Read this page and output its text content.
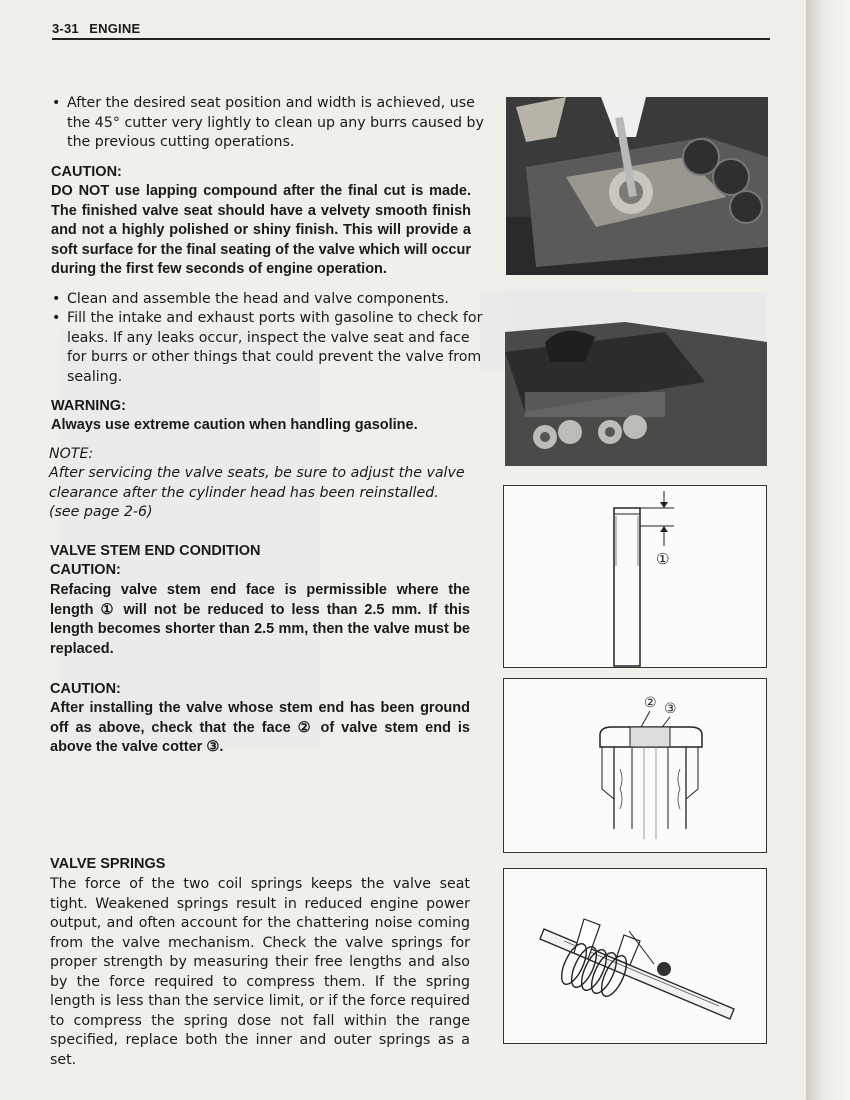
3-31 ENGINE
• After the desired seat position and width is achieved, use the 45° cutter very lightly to clean up any burrs caused by the previous cutting operations.
CAUTION:
DO NOT use lapping compound after the final cut is made. The finished valve seat should have a velvety smooth finish and not a highly polished or shiny finish. This will provide a soft surface for the final seating of the valve which will occur during the first few seconds of engine operation.
• Clean and assemble the head and valve components.
• Fill the intake and exhaust ports with gasoline to check for leaks. If any leaks occur, inspect the valve seat and face for burrs or other things that could prevent the valve from sealing.
WARNING:
Always use extreme caution when handling gasoline.
NOTE:
After servicing the valve seats, be sure to adjust the valve clearance after the cylinder head has been reinstalled. (see page 2-6)
VALVE STEM END CONDITION
CAUTION:
Refacing valve stem end face is permissible where the length ① will not be reduced to less than 2.5 mm. If this length becomes shorter than 2.5 mm, then the valve must be replaced.
CAUTION:
After installing the valve whose stem end has been ground off as above, check that the face ② of valve stem end is above the valve cotter ③.
VALVE SPRINGS
The force of the two coil springs keeps the valve seat tight. Weakened springs result in reduced engine power output, and often account for the chattering noise coming from the valve mechanism. Check the valve springs for proper strength by measuring their free lengths and also by the force required to compress them. If the spring length is less than the service limit, or if the force required to compress the spring dose not fall within the range specified, replace both the inner and outer springs as a set.
①
② ③
